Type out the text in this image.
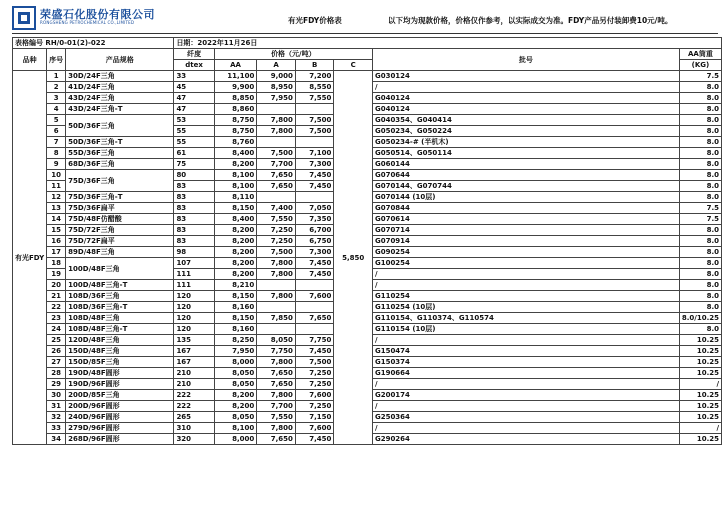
荣盛石化股份有限公司
RONGSHENG PETROCHEMICAL CO.,LIMITED	有光FDY价格表	以下均为现款价格，价格仅作参考，以实际成交为准。FDY产品另付装卸费10元/吨。
表格编号 RH/0-01(2)-022			日期：2022年11月26日						
品种	序号	产品规格	纤度	价格（元/吨）				批号	AA筒重
			dtex	AA	A	B	C		(KG)
有光FDY	1	30D/24F三角	33	11,100	9,000	7,200	5,850	G030124	7.5
	2	41D/24F三角	45	9,900	8,950	8,550		/	8.0
	3	43D/24F三角	47	8,850	7,950	7,550		G040124	8.0
	4	43D/24F三角-T	47	8,860				G040124	8.0
	5	50D/36F三角	53	8,750	7,800	7,500		G040354、G040414	8.0
	6		55	8,750	7,800	7,500		G050234、G050224	8.0
	7	50D/36F三角-T	55	8,760				G050234-# (半机木)	8.0
	8	55D/36F三角	61	8,400	7,500	7,100		G050514、G050114	8.0
	9	68D/36F三角	75	8,200	7,700	7,300		G060144	8.0
	10	75D/36F三角	80	8,100	7,650	7,450		G070644	8.0
	11		83	8,100	7,650	7,450		G070144、G070744	8.0
	12	75D/36F三角-T	83	8,110				G070144 (10层)	8.0
	13	75D/36F扁平	83	8,150	7,400	7,050		G070844	7.5
	14	75D/48F仿醋酸	83	8,400	7,550	7,350		G070614	7.5
	15	75D/72F三角	83	8,200	7,250	6,700		G070714	8.0
	16	75D/72F扁平	83	8,200	7,250	6,750		G070914	8.0
	17	89D/48F三角	98	8,200	7,500	7,300		G090254	8.0
	18	100D/48F三角	107	8,200	7,800	7,450		G100254	8.0
	19		111	8,200	7,800	7,450		/	8.0
	20	100D/48F三角-T	111	8,210				/	8.0
	21	108D/36F三角	120	8,150	7,800	7,600		G110254	8.0
	22	108D/36F三角-T	120	8,160				G110254 (10层)	8.0
	23	108D/48F三角	120	8,150	7,850	7,650		G110154、G110374、G110574	8.0/10.25
	24	108D/48F三角-T	120	8,160				G110154 (10层)	8.0
	25	120D/48F三角	135	8,250	8,050	7,750		/	10.25
	26	150D/48F三角	167	7,950	7,750	7,450		G150474	10.25
	27	150D/85F三角	167	8,000	7,800	7,500		G150374	10.25
	28	190D/48F圆形	210	8,050	7,650	7,250		G190664	10.25
	29	190D/96F圆形	210	8,050	7,650	7,250		/	/
	30	200D/85F三角	222	8,200	7,800	7,600		G200174	10.25
	31	200D/96F圆形	222	8,200	7,700	7,250		/	10.25
	32	240D/96F圆形	265	8,050	7,550	7,150		G250364	10.25
	33	279D/96F圆形	310	8,100	7,800	7,600		/	/
	34	268D/96F圆形	320	8,000	7,650	7,450		G290264	10.25
